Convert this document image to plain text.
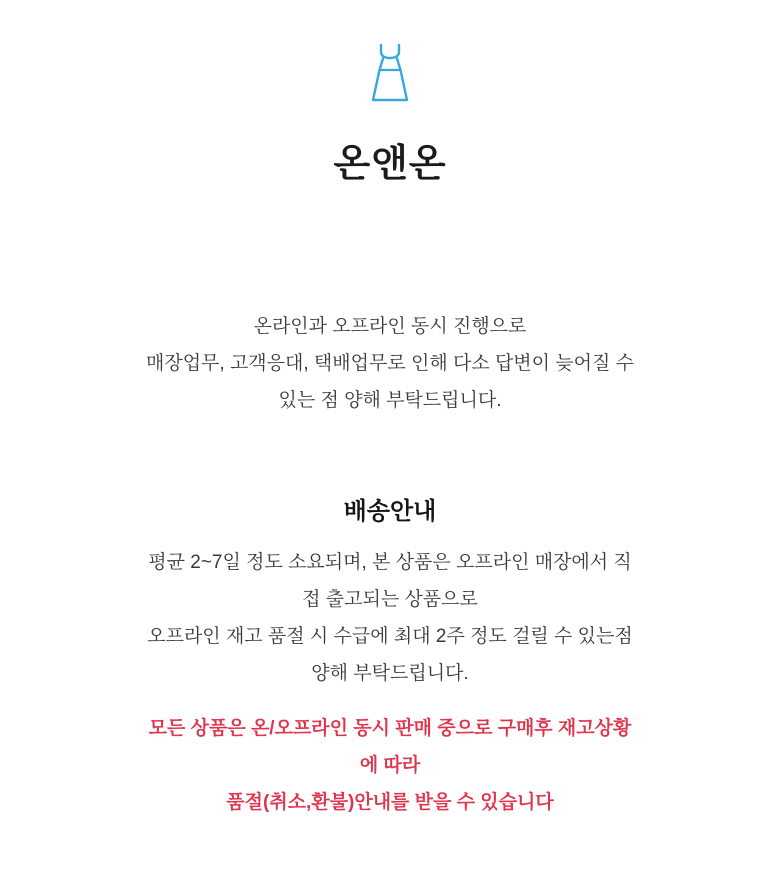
온앤온
온라인과 오프라인 동시 진행으로
매장업무, 고객응대, 택배업무로 인해 다소 답변이 늦어질 수
있는 점 양해 부탁드립니다.
배송안내
평균 2~7일 정도 소요되며, 본 상품은 오프라인 매장에서 직
접 출고되는 상품으로
오프라인 재고 품절 시 수급에 최대 2주 정도 걸릴 수 있는점
양해 부탁드립니다.
모든 상품은 온/오프라인 동시 판매 중으로 구매후 재고상황
에 따라
품절(취소,환불)안내를 받을 수 있습니다
